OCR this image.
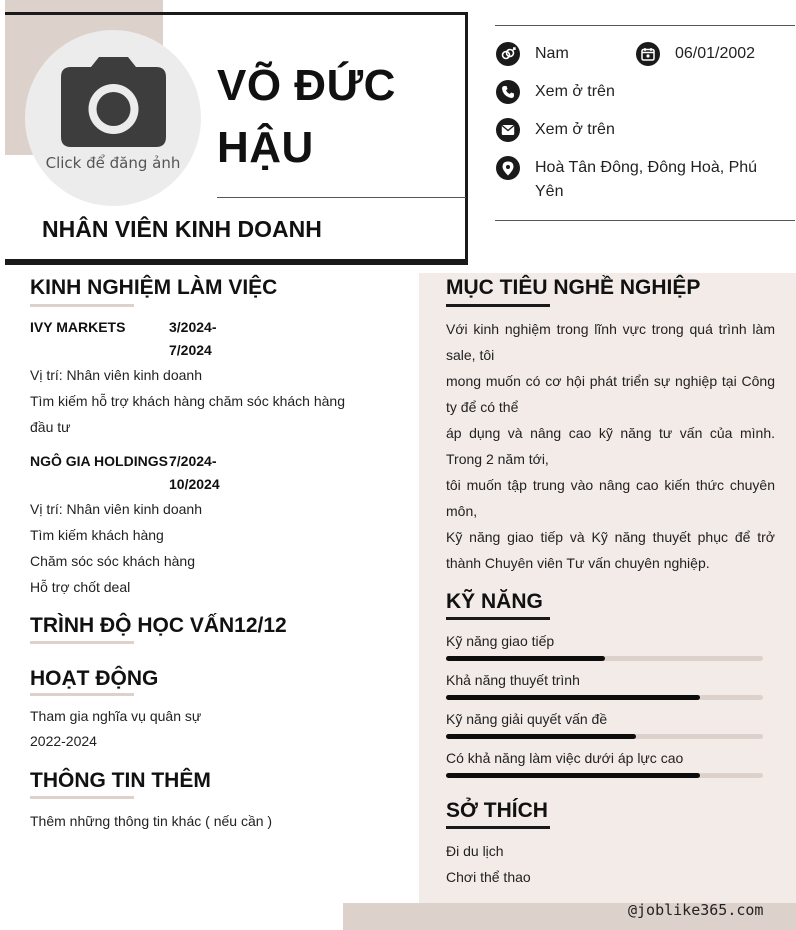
Click để đăng ảnh
VÕ ĐỨC
HẬU
NHÂN VIÊN KINH DOANH
Nam	06/01/2002
Xem ở trên
Xem ở trên
Hoà Tân Đông, Đông Hoà, Phú
Yên
KINH NGHIỆM LÀM VIỆC
IVY MARKETS	3/2024-
7/2024
Vị trí: Nhân viên kinh doanh
Tìm kiếm hỗ trợ khách hàng chăm sóc khách hàng
đầu tư
NGÔ GIA HOLDINGS 7/2024-
10/2024
Vị trí: Nhân viên kinh doanh
Tìm kiếm khách hàng
Chăm sóc sóc khách hàng
Hỗ trợ chốt deal
TRÌNH ĐỘ HỌC VẤN12/12
HOẠT ĐỘNG
Tham gia nghĩa vụ quân sự
2022-2024
THÔNG TIN THÊM
Thêm những thông tin khác ( nếu cần )
MỤC TIÊU NGHỀ NGHIỆP
Với kinh nghiệm trong lĩnh vực trong quá trình làm sale, tôi
mong muốn có cơ hội phát triển sự nghiệp tại Công ty để có thể
áp dụng và nâng cao kỹ năng tư vấn của mình. Trong 2 năm tới,
tôi muốn tập trung vào nâng cao kiến thức chuyên môn,
Kỹ năng giao tiếp và Kỹ năng thuyết phục để trở thành Chuyên viên Tư vấn chuyên nghiệp.
KỸ NĂNG
Kỹ năng giao tiếp
Khả năng thuyết trình
Kỹ năng giải quyết vấn đề
Có khả năng làm việc dưới áp lực cao
SỞ THÍCH
Đi du lịch
Chơi thể thao
@joblike365.com
